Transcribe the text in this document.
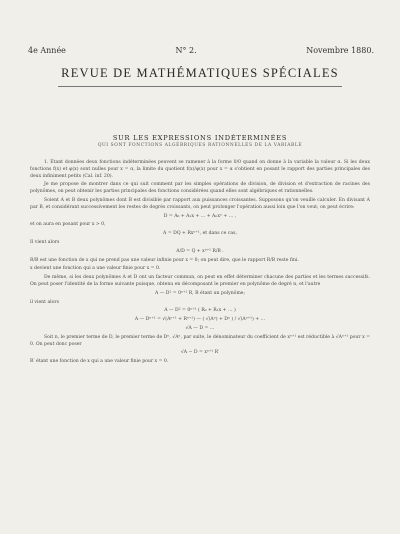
4e Année	N° 2.	Novembre 1880.
REVUE DE MATHÉMATIQUES SPÉCIALES
SUR LES EXPRESSIONS INDÉTERMINÉES
QUI SONT FONCTIONS ALGÉBRIQUES RATIONNELLES DE LA VARIABLE

1. Étant données deux fonctions indéterminées peuvent se ramener à la forme 0/0 quand on donne à la variable la valeur α. Si les deux fonctions f(x) et φ(x) sont nulles pour x = α, la limite du quotient f(x)/φ(x) pour x = α s'obtient en posant le rapport des parties principales des deux infiniment petits (Cal. inf. 20).

Je me propose de montrer dans ce qui suit comment par les simples opérations de division, de division et d'extraction de racines des polynômes, on peut obtenir les parties principales des fonctions considérées quand elles sont algébriques et rationnelles.

Soient A et B deux polynômes dont B est divisible par rapport aux puissances croissantes. Supposons qu'on veuille calculer. En divisant A par B, et considérant successivement les restes de degrés croissants, on peut prolonger l'opération aussi loin que l'on veut; on peut écrire:

D = A₀ + A₁x + … + Aₙxⁿ + … ,
et on aura en posant pour x > 0,
A = DQ + Rxⁿ⁺¹, et dans ce cas,
Il vient alors
A/D = Q + xⁿ⁺¹ R/B .

R/B est une fonction de x qui ne prend pas une valeur infinie pour x = 0; on peut dire, que le rapport R/B reste fini.

x devient une fonction qui a une valeur finie pour x = 0.

De même, si les deux polynômes A et D ont un facteur commun, on peut en effet déterminer chacune des parties et les termes successifs. On peut poser l'identité de la forme suivante puisque, obtenu en décomposant le premier en polynôme de degré n, et l'autre

A — D² = 0ⁿ⁺¹ R, R étant un polynôme;
il vient alors
A — D² = 0ⁿ⁺¹ ( R₀ + R₁x + … )
A — Dⁿ⁺¹ = √(Aⁿ⁺¹ + Rⁿ⁺¹) — ( √(Aⁿ) + Dⁿ ) / √(Aⁿ⁺¹) + …
√A — D = …

Soit n, le premier terme de D, le premier terme de Dⁿ, √Aⁿ, par suite, le dénominateur du coefficient de xⁿ⁺¹ est réductible à √Aⁿ⁺¹ pour x = 0. On peut donc poser

√A − D = xⁿ⁺¹ R′
R′ étant une fonction de x qui a une valeur finie pour x = 0.
